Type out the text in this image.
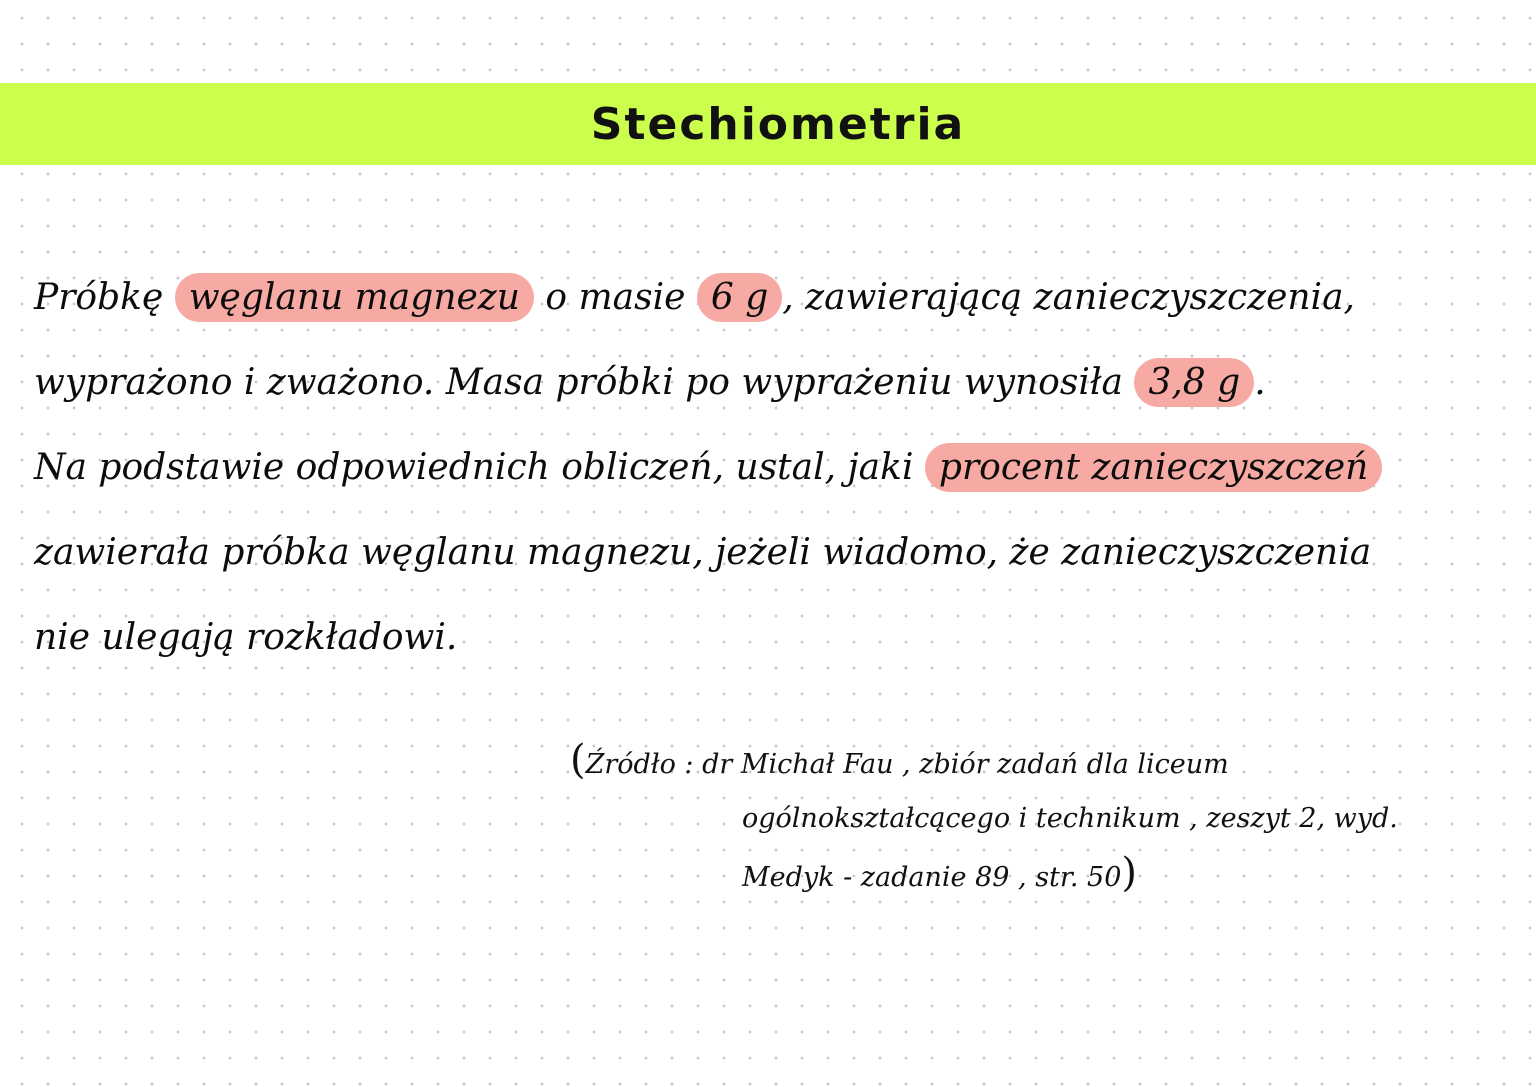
Stechiometria
Próbkę węglanu magnezu o masie 6 g , zawierającą zanieczyszczenia,
wyprażono i zważono. Masa próbki po wyprażeniu wynosiła 3,8 g .
Na podstawie odpowiednich obliczeń, ustal, jaki procent zanieczyszczeń
zawierała próbka węglanu magnezu, jeżeli wiadomo, że zanieczyszczenia
nie ulegają rozkładowi.
(Źródło : dr Michał Fau , zbiór zadań dla liceum
ogólnokształcącego i technikum , zeszyt 2, wyd.
Medyk - zadanie 89 , str. 50)
